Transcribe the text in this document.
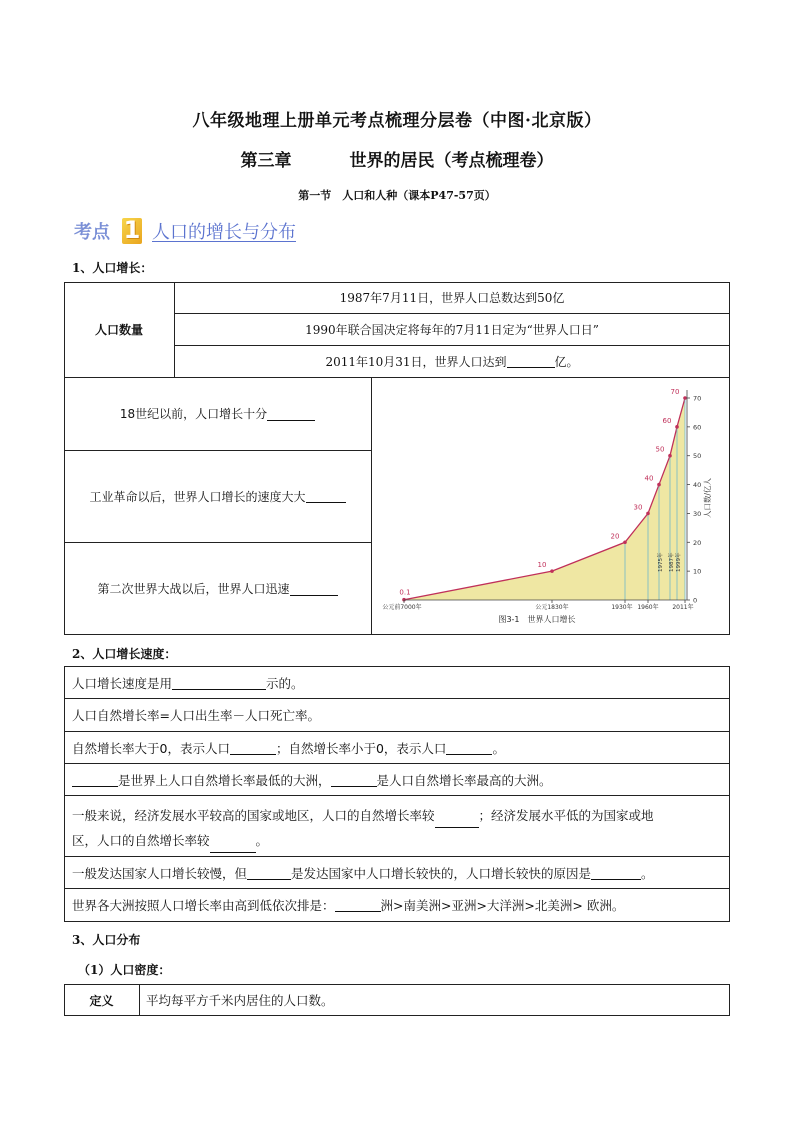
八年级地理上册单元考点梳理分层卷（中图·北京版）
第三章	世界的居民（考点梳理卷）
第一节　人口和人种（课本P47-57页）
考点 1 人口的增长与分布
1、人口增长：
人口数量
1987年7月11日，世界人口总数达到50亿
1990年联合国决定将每年的7月11日定为“世界人口日”
2011年10月31日，世界人口达到	亿。
18世纪以前，人口增长十分
工业革命以后，世界人口增长的速度大大
第二次世界大战以后，世界人口迅速	0.1
10
20
30
40
50
60
70
0
10
20
30
40
50
60
70
人口数/亿人
公元前7000年	公元1830年	1930年 1960年 2011年
1975年 1987年 1999年
图3-1　世界人口增长
2、人口增长速度：
人口增长速度是用	示的。
人口自然增长率=人口出生率－人口死亡率。
自然增长率大于0，表示人口	；自然增长率小于0，表示人口	。
是世界上人口自然增长率最低的大洲，	是人口自然增长率最高的大洲。
一般来说，经济发展水平较高的国家或地区，人口的自然增长率较	；经济发展水平低的为国家或地
区，人口的自然增长率较	。
一般发达国家人口增长较慢，但	是发达国家中人口增长较快的，人口增长较快的原因是	。
世界各大洲按照人口增长率由高到低依次排是：	洲>南美洲>亚洲>大洋洲>北美洲> 欧洲。
3、人口分布
（1）人口密度：
定义	平均每平方千米内居住的人口数。
